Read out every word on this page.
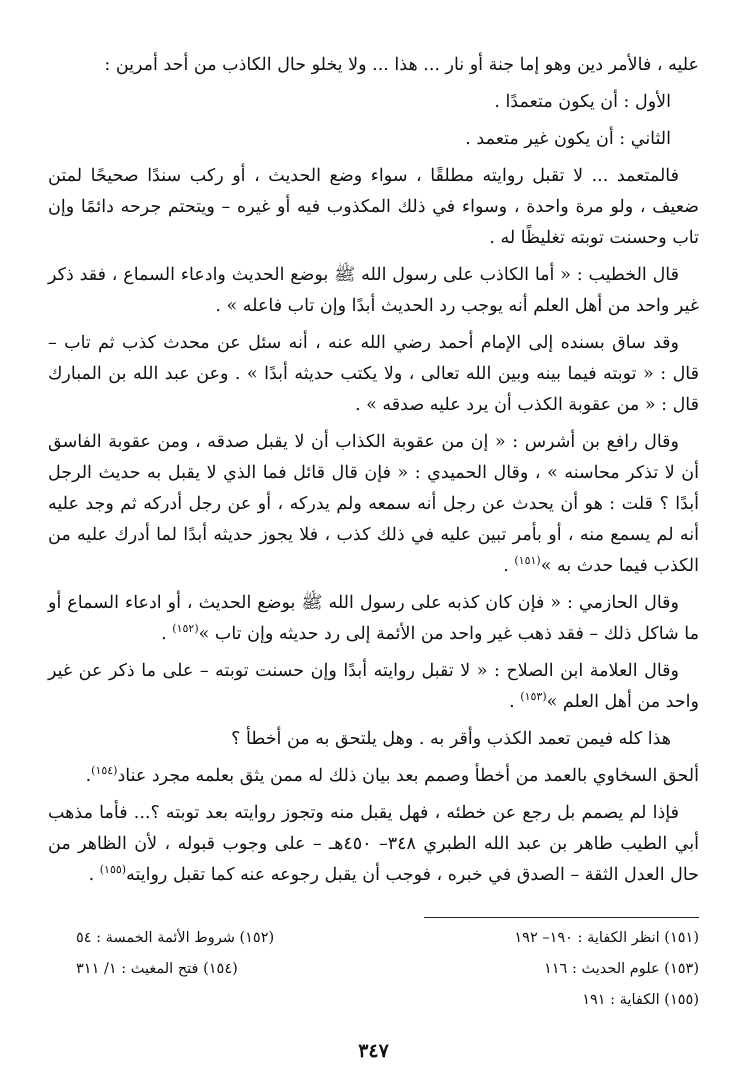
عليه ، فالأمر دين وهو إما جنة أو نار ... هذا ... ولا يخلو حال الكاذب من أحد أمرين :

الأول : أن يكون متعمدًا .

الثاني : أن يكون غير متعمد .

فالمتعمد ... لا تقبل روايته مطلقًا ، سواء وضع الحديث ، أو ركب سندًا صحيحًا لمتن ضعيف ، ولو مرة واحدة ، وسواء في ذلك المكذوب فيه أو غيره – ويتحتم جرحه دائمًا وإن تاب وحسنت توبته تغليظًا له .

قال الخطيب : « أما الكاذب على رسول الله ﷺ بوضع الحديث وادعاء السماع ، فقد ذكر غير واحد من أهل العلم أنه يوجب رد الحديث أبدًا وإن تاب فاعله » .

وقد ساق بسنده إلى الإمام أحمد رضي الله عنه ، أنه سئل عن محدث كذب ثم تاب – قال : « توبته فيما بينه وبين الله تعالى ، ولا يكتب حديثه أبدًا » . وعن عبد الله بن المبارك قال : « من عقوبة الكذب أن يرد عليه صدقه » .

وقال رافع بن أشرس : « إن من عقوبة الكذاب أن لا يقبل صدقه ، ومن عقوبة الفاسق أن لا تذكر محاسنه » ، وقال الحميدي : « فإن قال قائل فما الذي لا يقبل به حديث الرجل أبدًا ؟ قلت : هو أن يحدث عن رجل أنه سمعه ولم يدركه ، أو عن رجل أدركه ثم وجد عليه أنه لم يسمع منه ، أو بأمر تبين عليه في ذلك كذب ، فلا يجوز حديثه أبدًا لما أدرك عليه من الكذب فيما حدث به »$^{(١٥١)}$ .

وقال الحازمي : « فإن كان كذبه على رسول الله ﷺ بوضع الحديث ، أو ادعاء السماع أو ما شاكل ذلك – فقد ذهب غير واحد من الأئمة إلى رد حديثه وإن تاب »$^{(١٥٢)}$ .

وقال العلامة ابن الصلاح : « لا تقبل روايته أبدًا وإن حسنت توبته – على ما ذكر عن غير واحد من أهل العلم »$^{(١٥٣)}$ .

هذا كله فيمن تعمد الكذب وأقر به . وهل يلتحق به من أخطأ ؟

ألحق السخاوي بالعمد من أخطأ وصمم بعد بيان ذلك له ممن يثق بعلمه مجرد عناد$^{(١٥٤)}$.

فإذا لم يصمم بل رجع عن خطئه ، فهل يقبل منه وتجوز روايته بعد توبته ؟... فأما مذهب أبي الطيب طاهر بن عبد الله الطبري ٣٤٨– ٤٥٠هـ – على وجوب قبوله ، لأن الظاهر من حال العدل الثقة – الصدق في خبره ، فوجب أن يقبل رجوعه عنه كما تقبل روايته$^{(١٥٥)}$ .

(١٥١) انظر الكفاية : ١٩٠– ١٩٢
(١٥٢) شروط الأئمة الخمسة : ٥٤
(١٥٣) علوم الحديث : ١١٦
(١٥٤) فتح المغيث : ١/ ٣١١
(١٥٥) الكفاية : ١٩١
٣٤٧
